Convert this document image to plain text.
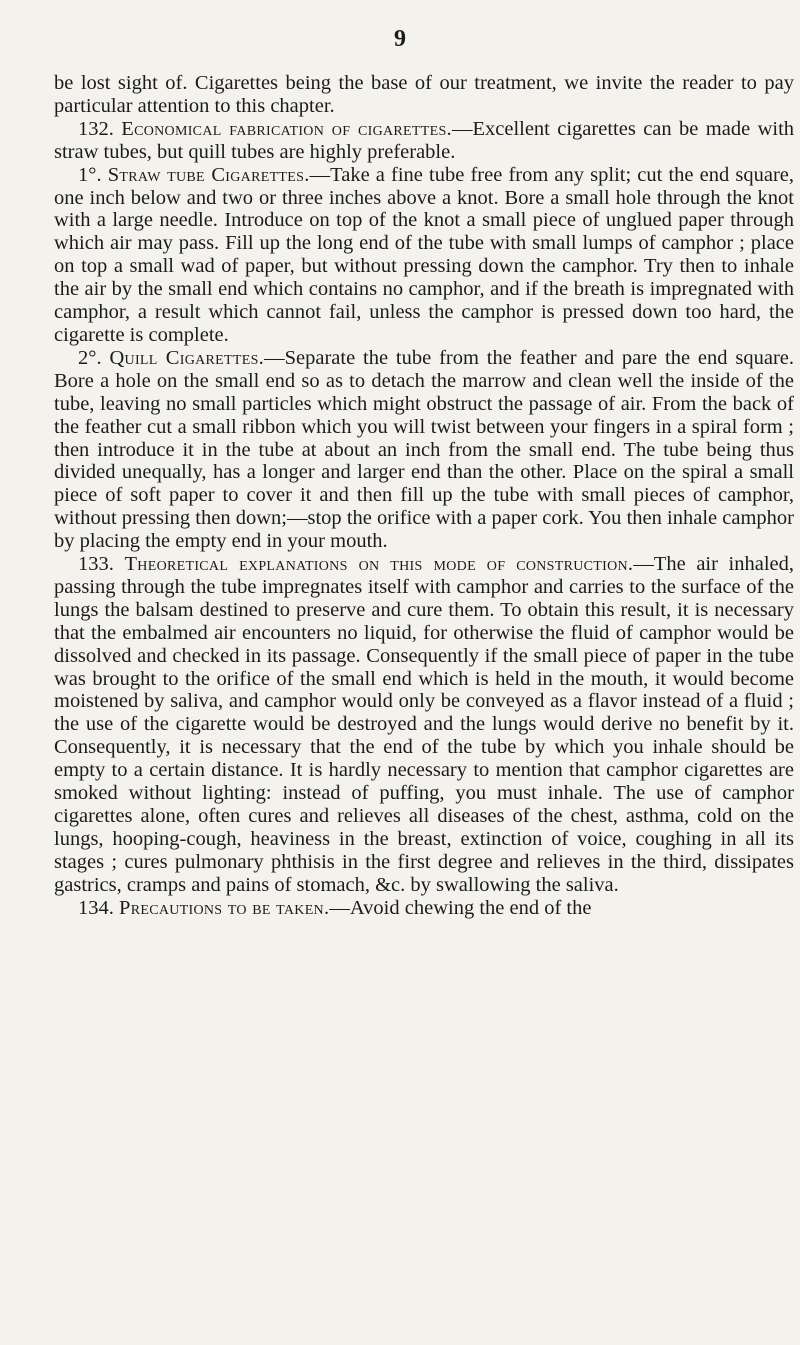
9

be lost sight of. Cigarettes being the base of our treatment, we invite the reader to pay particular attention to this chapter.

132. Economical fabrication of cigarettes.—Excellent cigarettes can be made with straw tubes, but quill tubes are highly preferable.

1°. Straw tube Cigarettes.—Take a fine tube free from any split; cut the end square, one inch below and two or three inches above a knot. Bore a small hole through the knot with a large needle. Introduce on top of the knot a small piece of unglued paper through which air may pass. Fill up the long end of the tube with small lumps of camphor ; place on top a small wad of paper, but without pressing down the camphor. Try then to inhale the air by the small end which contains no camphor, and if the breath is impregnated with camphor, a result which cannot fail, unless the camphor is pressed down too hard, the cigarette is complete.

2°. Quill Cigarettes.—Separate the tube from the feather and pare the end square. Bore a hole on the small end so as to detach the marrow and clean well the inside of the tube, leaving no small particles which might obstruct the passage of air. From the back of the feather cut a small ribbon which you will twist between your fingers in a spiral form ; then introduce it in the tube at about an inch from the small end. The tube being thus divided unequally, has a longer and larger end than the other. Place on the spiral a small piece of soft paper to cover it and then fill up the tube with small pieces of camphor, without pressing then down;—stop the orifice with a paper cork. You then inhale camphor by placing the empty end in your mouth.

133. Theoretical explanations on this mode of construction.—The air inhaled, passing through the tube impregnates itself with camphor and carries to the surface of the lungs the balsam destined to preserve and cure them. To obtain this result, it is necessary that the embalmed air encounters no liquid, for otherwise the fluid of camphor would be dissolved and checked in its passage. Consequently if the small piece of paper in the tube was brought to the orifice of the small end which is held in the mouth, it would become moistened by saliva, and camphor would only be conveyed as a flavor instead of a fluid ; the use of the cigarette would be destroyed and the lungs would derive no benefit by it. Consequently, it is necessary that the end of the tube by which you inhale should be empty to a certain distance. It is hardly necessary to mention that camphor cigarettes are smoked without lighting: instead of puffing, you must inhale. The use of camphor cigarettes alone, often cures and relieves all diseases of the chest, asthma, cold on the lungs, hooping-cough, heaviness in the breast, extinction of voice, coughing in all its stages ; cures pulmonary phthisis in the first degree and relieves in the third, dissipates gastrics, cramps and pains of stomach, &c. by swallowing the saliva.

134. Precautions to be taken.—Avoid chewing the end of the
